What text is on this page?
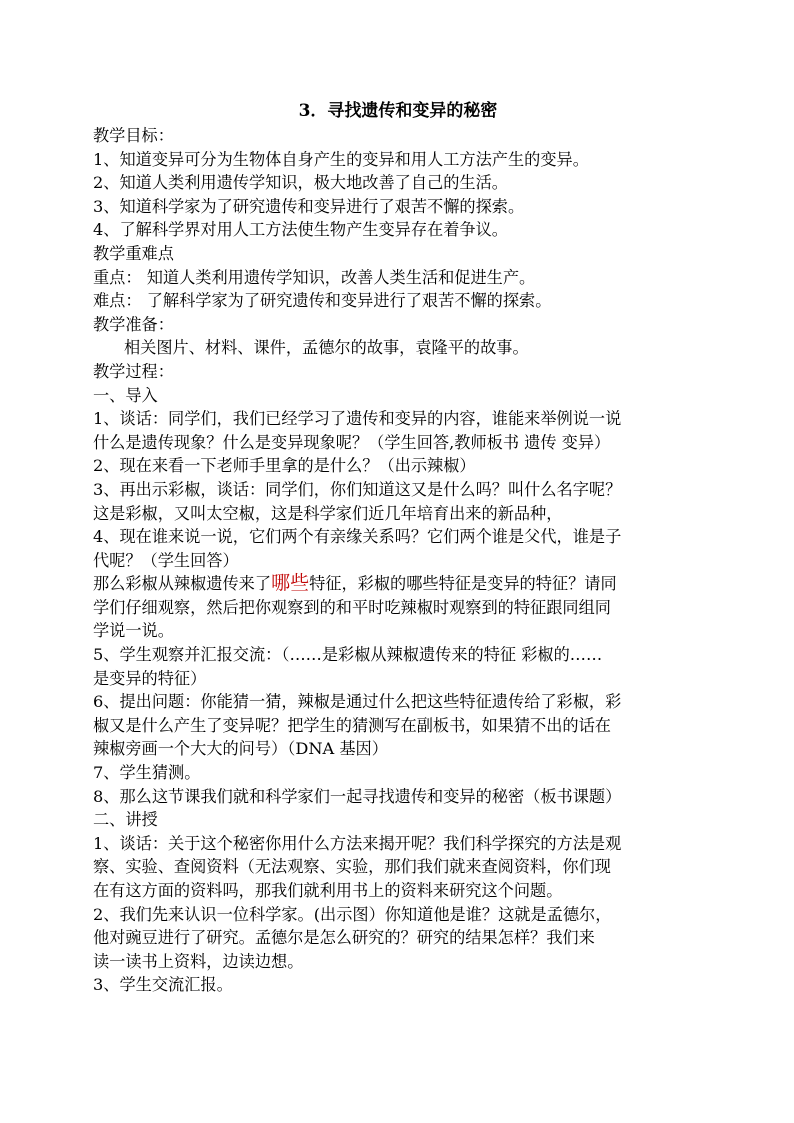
3．寻找遗传和变异的秘密
教学目标：
1、知道变异可分为生物体自身产生的变异和用人工方法产生的变异。
2、知道人类利用遗传学知识，极大地改善了自己的生活。
3、知道科学家为了研究遗传和变异进行了艰苦不懈的探索。
4、了解科学界对用人工方法使生物产生变异存在着争议。
教学重难点
重点： 知道人类利用遗传学知识，改善人类生活和促进生产。
难点： 了解科学家为了研究遗传和变异进行了艰苦不懈的探索。
教学准备：
相关图片、材料、课件，孟德尔的故事，袁隆平的故事。
教学过程：
一、导入
1、谈话：同学们，我们已经学习了遗传和变异的内容，谁能来举例说一说
什么是遗传现象？什么是变异现象呢？（学生回答,教师板书 遗传 变异）
2、现在来看一下老师手里拿的是什么？（出示辣椒）
3、再出示彩椒，谈话：同学们，你们知道这又是什么吗？叫什么名字呢？
这是彩椒，又叫太空椒，这是科学家们近几年培育出来的新品种，
4、现在谁来说一说，它们两个有亲缘关系吗？它们两个谁是父代，谁是子
代呢？（学生回答）
那么彩椒从辣椒遗传来了哪些特征，彩椒的哪些特征是变异的特征？请同
学们仔细观察，然后把你观察到的和平时吃辣椒时观察到的特征跟同组同
学说一说。
5、学生观察并汇报交流：（……是彩椒从辣椒遗传来的特征 彩椒的……
是变异的特征）
6、提出问题：你能猜一猜，辣椒是通过什么把这些特征遗传给了彩椒，彩
椒又是什么产生了变异呢？把学生的猜测写在副板书，如果猜不出的话在
辣椒旁画一个大大的问号）（DNA 基因）
7、学生猜测。
8、那么这节课我们就和科学家们一起寻找遗传和变异的秘密（板书课题）
二、讲授
1、谈话：关于这个秘密你用什么方法来揭开呢？我们科学探究的方法是观
察、实验、查阅资料（无法观察、实验，那们我们就来查阅资料，你们现
在有这方面的资料吗，那我们就利用书上的资料来研究这个问题。
2、我们先来认识一位科学家。(出示图）你知道他是谁？这就是孟德尔，
他对豌豆进行了研究。孟德尔是怎么研究的？研究的结果怎样？我们来
读一读书上资料，边读边想。
3、学生交流汇报。
